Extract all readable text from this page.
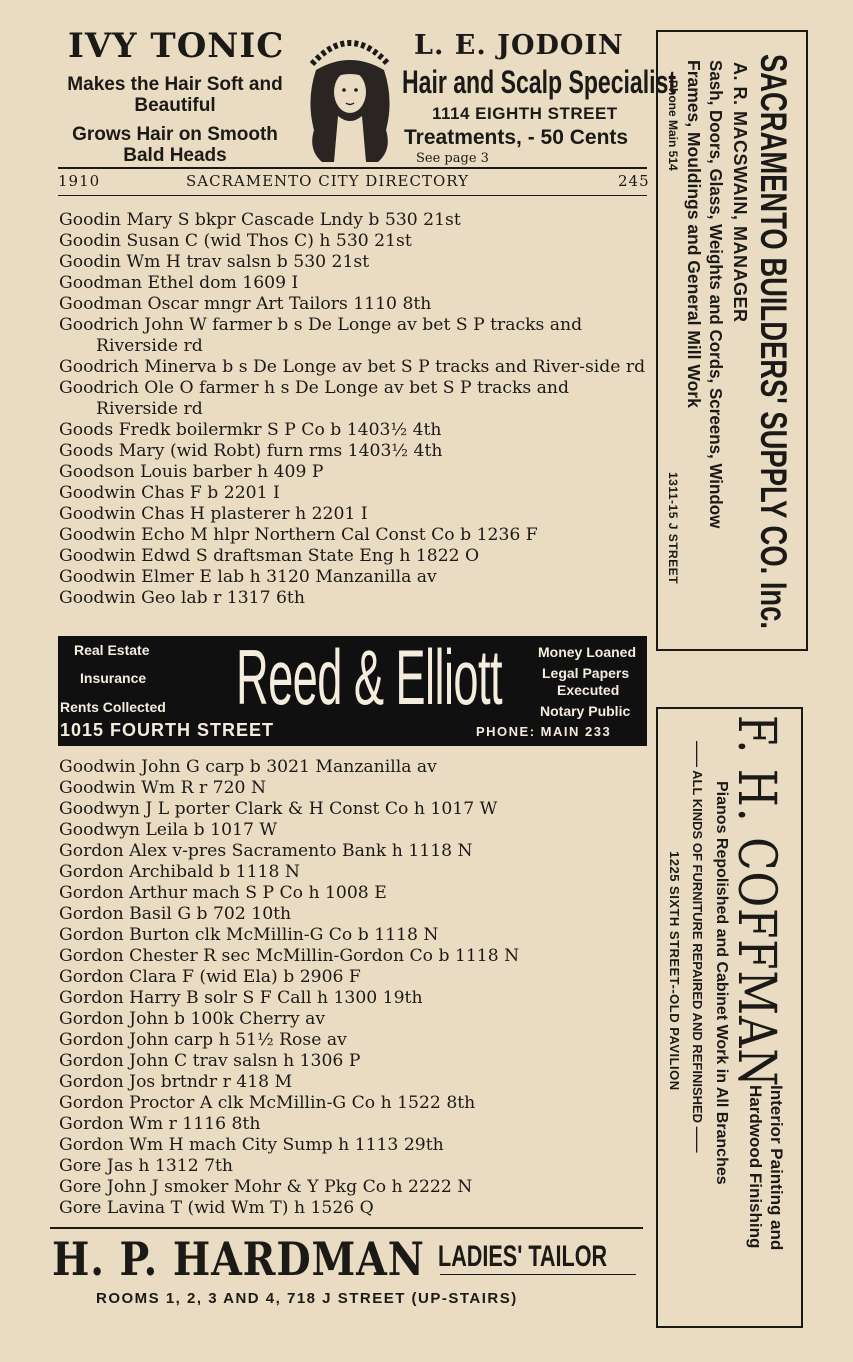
IVY TONIC
Makes the Hair Soft and Beautiful
Grows Hair on Smooth Bald Heads
L. E. JODOIN
Hair and Scalp Specialist
1114 EIGHTH STREET
Treatments, - 50 Cents
See page 3
1910	SACRAMENTO CITY DIRECTORY	245
Goodin Mary S bkpr Cascade Lndy b 530 21st
Goodin Susan C (wid Thos C) h 530 21st
Goodin Wm H trav salsn b 530 21st
Goodman Ethel dom 1609 I
Goodman Oscar mngr Art Tailors 1110 8th
Goodrich John W farmer b s De Longe av bet S P tracks and Riverside rd
Goodrich Minerva b s De Longe av bet S P tracks and River-side rd
Goodrich Ole O farmer h s De Longe av bet S P tracks and Riverside rd
Goods Fredk boilermkr S P Co b 1403½ 4th
Goods Mary (wid Robt) furn rms 1403½ 4th
Goodson Louis barber h 409 P
Goodwin Chas F b 2201 I
Goodwin Chas H plasterer h 2201 I
Goodwin Echo M hlpr Northern Cal Const Co b 1236 F
Goodwin Edwd S draftsman State Eng h 1822 O
Goodwin Elmer E lab h 3120 Manzanilla av
Goodwin Geo lab r 1317 6th
Real Estate
Insurance
Rents Collected Reed & Elliott	Money Loaned
Legal Papers
Executed
Notary Public
1015 FOURTH STREET	PHONE: MAIN 233
Goodwin John G carp b 3021 Manzanilla av
Goodwin Wm R r 720 N
Goodwyn J L porter Clark & H Const Co h 1017 W
Goodwyn Leila b 1017 W
Gordon Alex v-pres Sacramento Bank h 1118 N
Gordon Archibald b 1118 N
Gordon Arthur mach S P Co h 1008 E
Gordon Basil G b 702 10th
Gordon Burton clk McMillin-G Co b 1118 N
Gordon Chester R sec McMillin-Gordon Co b 1118 N
Gordon Clara F (wid Ela) b 2906 F
Gordon Harry B solr S F Call h 1300 19th
Gordon John b 100k Cherry av
Gordon John carp h 51½ Rose av
Gordon John C trav salsn h 1306 P
Gordon Jos brtndr r 418 M
Gordon Proctor A clk McMillin-G Co h 1522 8th
Gordon Wm r 1116 8th
Gordon Wm H mach City Sump h 1113 29th
Gore Jas h 1312 7th
Gore John J smoker Mohr & Y Pkg Co h 2222 N
Gore Lavina T (wid Wm T) h 1526 Q
H. P. HARDMAN LADIES' TAILOR
ROOMS 1, 2, 3 AND 4, 718 J STREET (UP-STAIRS)
SACRAMENTO BUILDERS' SUPPLY CO. Inc.
A. R. MACSWAIN, MANAGER
Sash, Doors, Glass, Weights and Cords, Screens, Window
Frames, Mouldings and General Mill Work
Phone Main 514
1311-15 J STREET
F. H. COFFMAN
Interior Painting and
Hardwood Finishing
Pianos Repolished and Cabinet Work in All Branches
—— ALL KINDS OF FURNITURE REPAIRED AND REFINISHED ——
1225 SIXTH STREET--OLD PAVILION
